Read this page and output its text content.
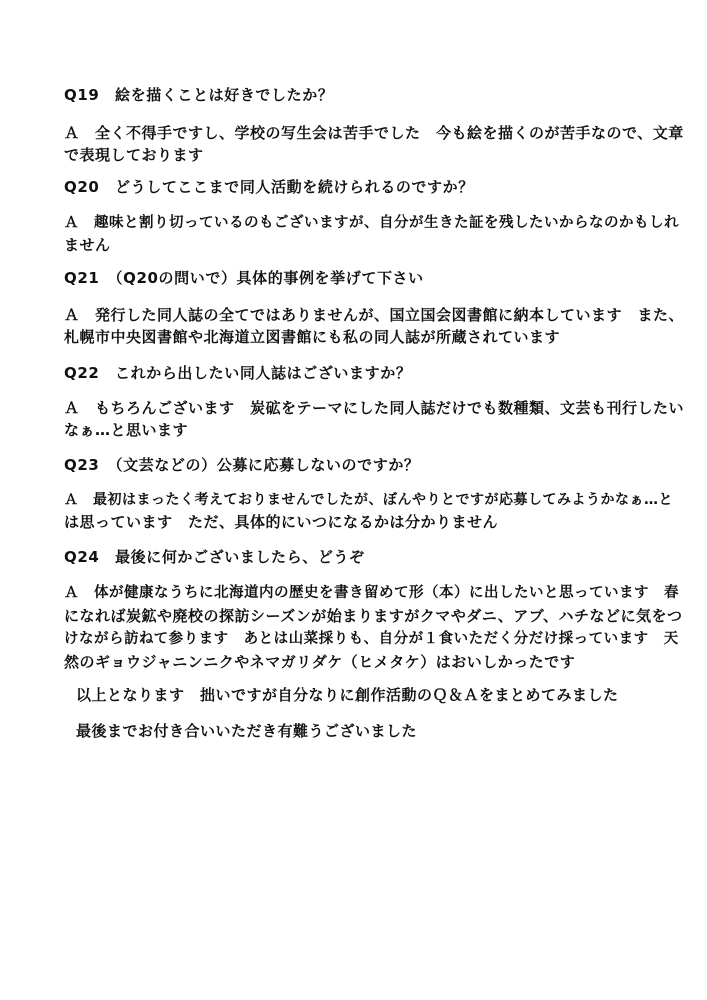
Q19　絵を描くことは好きでしたか？

Ａ　全く不得手ですし、学校の写生会は苦手でした　今も絵を描くのが苦手なので、文章

で表現しております

Q20　どうしてここまで同人活動を続けられるのですか？

Ａ　趣味と割り切っているのもございますが、自分が生きた証を残したいからなのかもしれ

ません

Q21　（Q20の問いで）具体的事例を挙げて下さい

Ａ　発行した同人誌の全てではありませんが、国立国会図書館に納本しています　また、

札幌市中央図書館や北海道立図書館にも私の同人誌が所蔵されています

Q22　これから出したい同人誌はございますか？

Ａ　もちろんございます　炭砿をテーマにした同人誌だけでも数種類、文芸も刊行したい

なぁ…と思います

Q23　（文芸などの）公募に応募しないのですか？

Ａ　最初はまったく考えておりませんでしたが、ぼんやりとですが応募してみようかなぁ…と

は思っています　ただ、具体的にいつになるかは分かりません

Q24　最後に何かございましたら、どうぞ

Ａ　体が健康なうちに北海道内の歴史を書き留めて形（本）に出したいと思っています　春

になれば炭鉱や廃校の探訪シーズンが始まりますがクマやダニ、アブ、ハチなどに気をつ

けながら訪ねて参ります　あとは山菜採りも、自分が１食いただく分だけ採っています　天

然のギョウジャニンニクやネマガリダケ（ヒメタケ）はおいしかったです

以上となります　拙いですが自分なりに創作活動のＱ＆Ａをまとめてみました

最後までお付き合いいただき有難うございました
